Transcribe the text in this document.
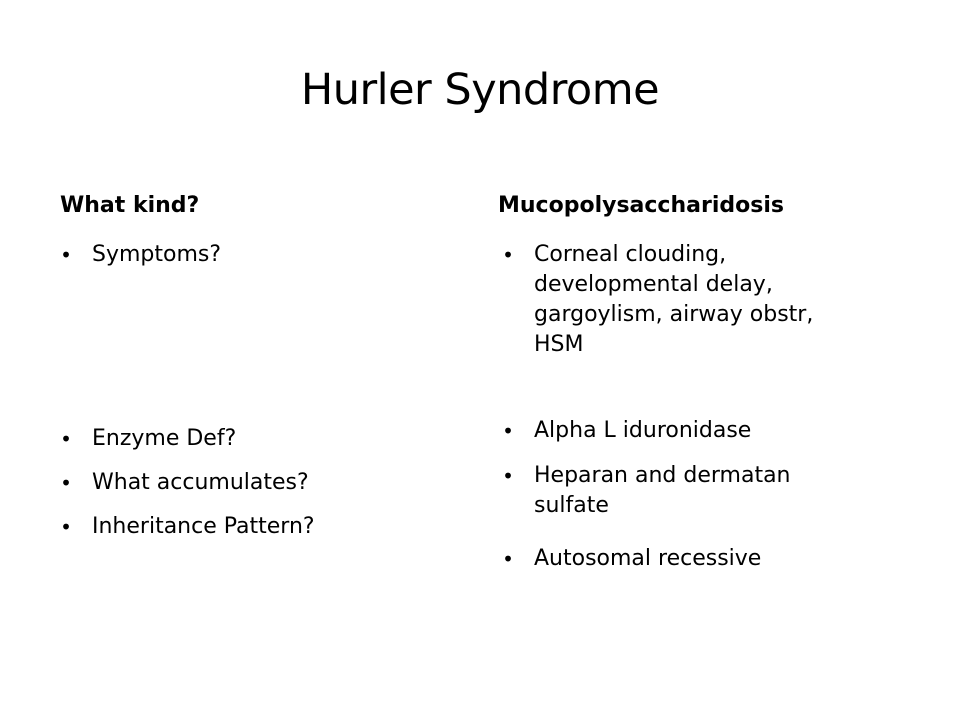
Hurler Syndrome
What kind?	Mucopolysaccharidosis
• Symptoms?
• Enzyme Def?
• What accumulates?
• Inheritance Pattern?
• Corneal clouding, developmental delay, gargoylism, airway obstr, HSM
• Alpha L iduronidase
• Heparan and dermatan sulfate
• Autosomal recessive
